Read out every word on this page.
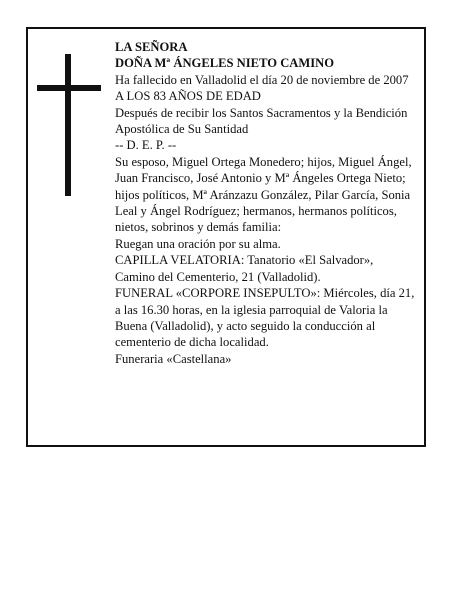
LA SEÑORA

DOÑA Mª ÁNGELES NIETO CAMINO

Ha fallecido en Valladolid el día 20 de noviembre de 2007

A LOS 83 AÑOS DE EDAD

Después de recibir los Santos Sacramentos y la Bendición Apostólica de Su Santidad

-- D. E. P. --

Su esposo, Miguel Ortega Monedero; hijos, Miguel Ángel, Juan Francisco, José Antonio y Mª Ángeles Ortega Nieto; hijos políticos, Mª Aránzazu González, Pilar García, Sonia Leal y Ángel Rodríguez; hermanos, hermanos políticos, nietos, sobrinos y demás familia:

Ruegan una oración por su alma.

CAPILLA VELATORIA: Tanatorio «El Salvador», Camino del Cementerio, 21 (Valladolid).

FUNERAL «CORPORE INSEPULTO»: Miércoles, día 21, a las 16.30 horas, en la iglesia parroquial de Valoria la Buena (Valladolid), y acto seguido la conducción al cementerio de dicha localidad.

Funeraria «Castellana»
